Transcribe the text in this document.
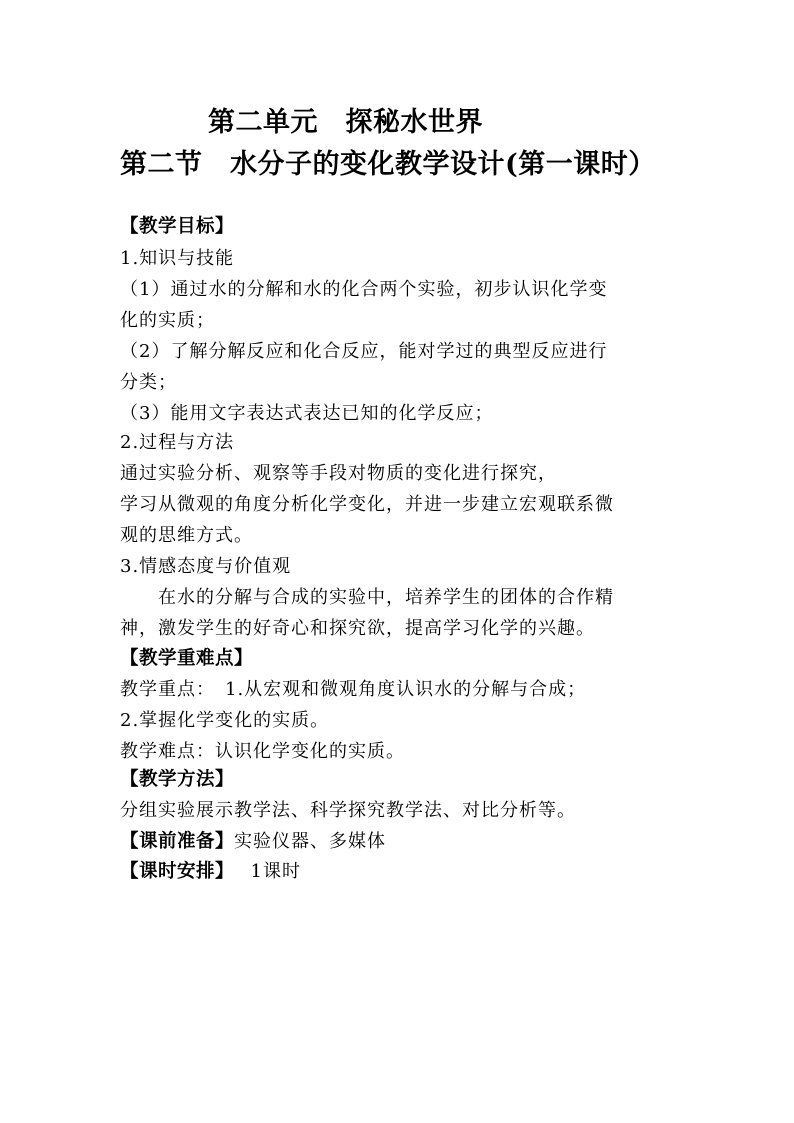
第二单元　探秘水世界
第二节　水分子的变化教学设计(第一课时）
【教学目标】
1.知识与技能
（1）通过水的分解和水的化合两个实验，初步认识化学变
化的实质；
（2）了解分解反应和化合反应，能对学过的典型反应进行
分类；
（3）能用文字表达式表达已知的化学反应；
2.过程与方法
通过实验分析、观察等手段对物质的变化进行探究，
学习从微观的角度分析化学变化，并进一步建立宏观联系微
观的思维方式。
3.情感态度与价值观
　　在水的分解与合成的实验中，培养学生的团体的合作精
神，激发学生的好奇心和探究欲，提高学习化学的兴趣。
【教学重难点】
教学重点：　1.从宏观和微观角度认识水的分解与合成；
2.掌握化学变化的实质。
教学难点：认识化学变化的实质。
【教学方法】
分组实验展示教学法、科学探究教学法、对比分析等。
【课前准备】实验仪器、多媒体
【课时安排】　 1课时
